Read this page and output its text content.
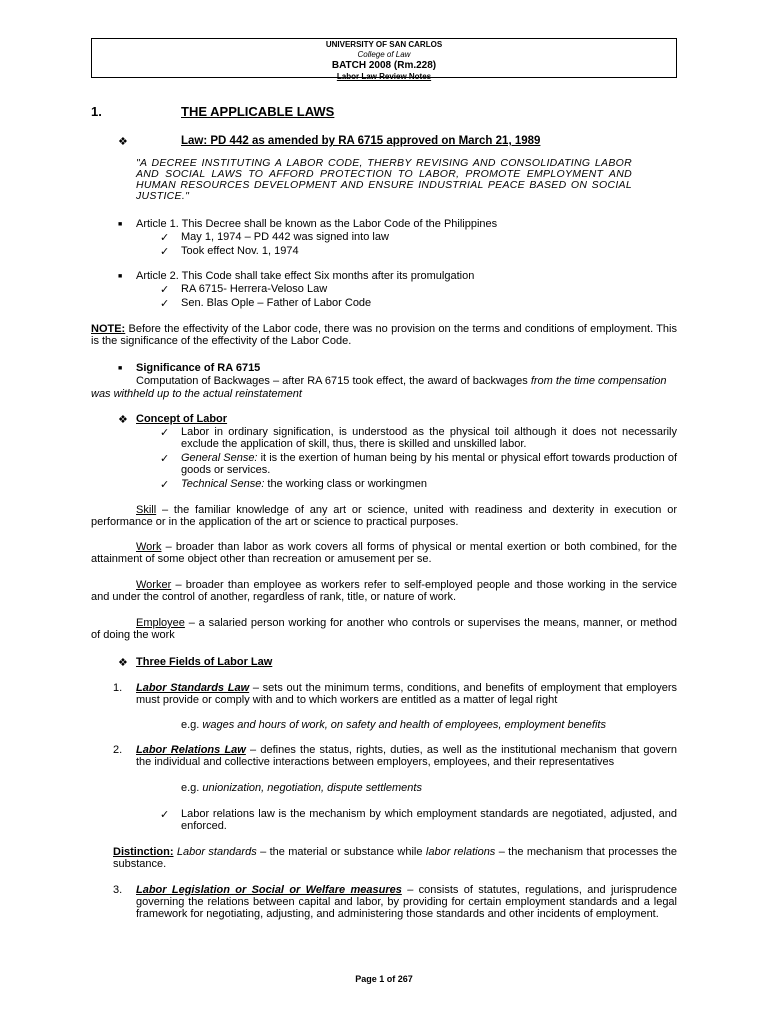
UNIVERSITY OF SAN CARLOS
College of Law
BATCH 2008 (Rm.228)
Labor Law Review Notes
1.	THE APPLICABLE LAWS
❖	Law: PD 442 as amended by RA 6715 approved on March 21, 1989
"A DECREE INSTITUTING A LABOR CODE, THERBY REVISING AND CONSOLIDATING LABOR AND SOCIAL LAWS TO AFFORD PROTECTION TO LABOR, PROMOTE EMPLOYMENT AND HUMAN RESOURCES DEVELOPMENT AND ENSURE INDUSTRIAL PEACE BASED ON SOCIAL JUSTICE."
■ Article 1. This Decree shall be known as the Labor Code of the Philippines
✓ May 1, 1974 – PD 442 was signed into law
✓ Took effect Nov. 1, 1974
■ Article 2. This Code shall take effect Six months after its promulgation
✓ RA 6715- Herrera-Veloso Law
✓ Sen. Blas Ople – Father of Labor Code
NOTE: Before the effectivity of the Labor code, there was no provision on the terms and conditions of employment. This is the significance of the effectivity of the Labor Code.
■ Significance of RA 6715
Computation of Backwages – after RA 6715 took effect, the award of backwages from the time compensation was withheld up to the actual reinstatement
❖ Concept of Labor
✓ Labor in ordinary signification, is understood as the physical toil although it does not necessarily exclude the application of skill, thus, there is skilled and unskilled labor.
✓ General Sense: it is the exertion of human being by his mental or physical effort towards production of goods or services.
✓ Technical Sense: the working class or workingmen
Skill – the familiar knowledge of any art or science, united with readiness and dexterity in execution or performance or in the application of the art or science to practical purposes.
Work – broader than labor as work covers all forms of physical or mental exertion or both combined, for the attainment of some object other than recreation or amusement per se.
Worker – broader than employee as workers refer to self-employed people and those working in the service and under the control of another, regardless of rank, title, or nature of work.
Employee – a salaried person working for another who controls or supervises the means, manner, or method of doing the work
❖ Three Fields of Labor Law
1. Labor Standards Law – sets out the minimum terms, conditions, and benefits of employment that employers must provide or comply with and to which workers are entitled as a matter of legal right
e.g. wages and hours of work, on safety and health of employees, employment benefits
2. Labor Relations Law – defines the status, rights, duties, as well as the institutional mechanism that govern the individual and collective interactions between employers, employees, and their representatives
e.g. unionization, negotiation, dispute settlements
✓ Labor relations law is the mechanism by which employment standards are negotiated, adjusted, and enforced.
Distinction: Labor standards – the material or substance while labor relations – the mechanism that processes the substance.
3. Labor Legislation or Social or Welfare measures – consists of statutes, regulations, and jurisprudence governing the relations between capital and labor, by providing for certain employment standards and a legal framework for negotiating, adjusting, and administering those standards and other incidents of employment.
Page 1 of 267
